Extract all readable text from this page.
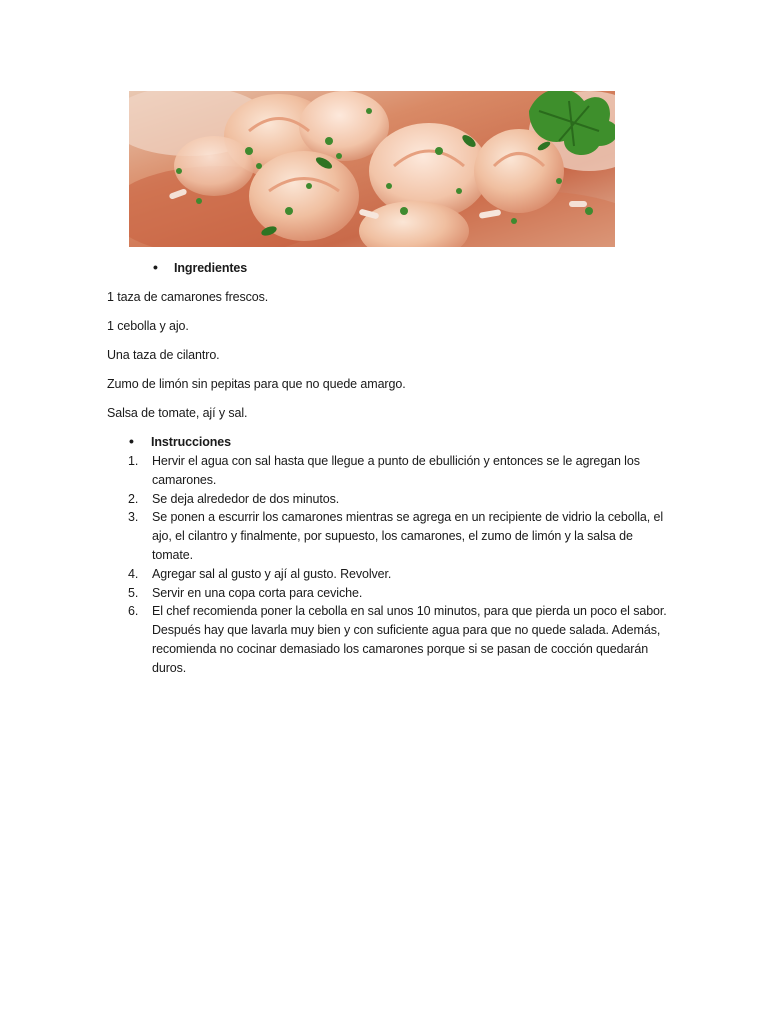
• Ingredientes

1 taza de camarones frescos.

1 cebolla y ajo.

Una taza de cilantro.

Zumo de limón sin pepitas para que no quede amargo.

Salsa de tomate, ají y sal.

• Instrucciones
1. Hervir el agua con sal hasta que llegue a punto de ebullición y entonces se le agregan los camarones.
2. Se deja alrededor de dos minutos.
3. Se ponen a escurrir los camarones mientras se agrega en un recipiente de vidrio la cebolla, el ajo, el cilantro y finalmente, por supuesto, los camarones, el zumo de limón y la salsa de tomate.
4. Agregar sal al gusto y ají al gusto. Revolver.
5. Servir en una copa corta para ceviche.
6. El chef recomienda poner la cebolla en sal unos 10 minutos, para que pierda un poco el sabor. Después hay que lavarla muy bien y con suficiente agua para que no quede salada. Además, recomienda no cocinar demasiado los camarones porque si se pasan de cocción quedarán duros.
